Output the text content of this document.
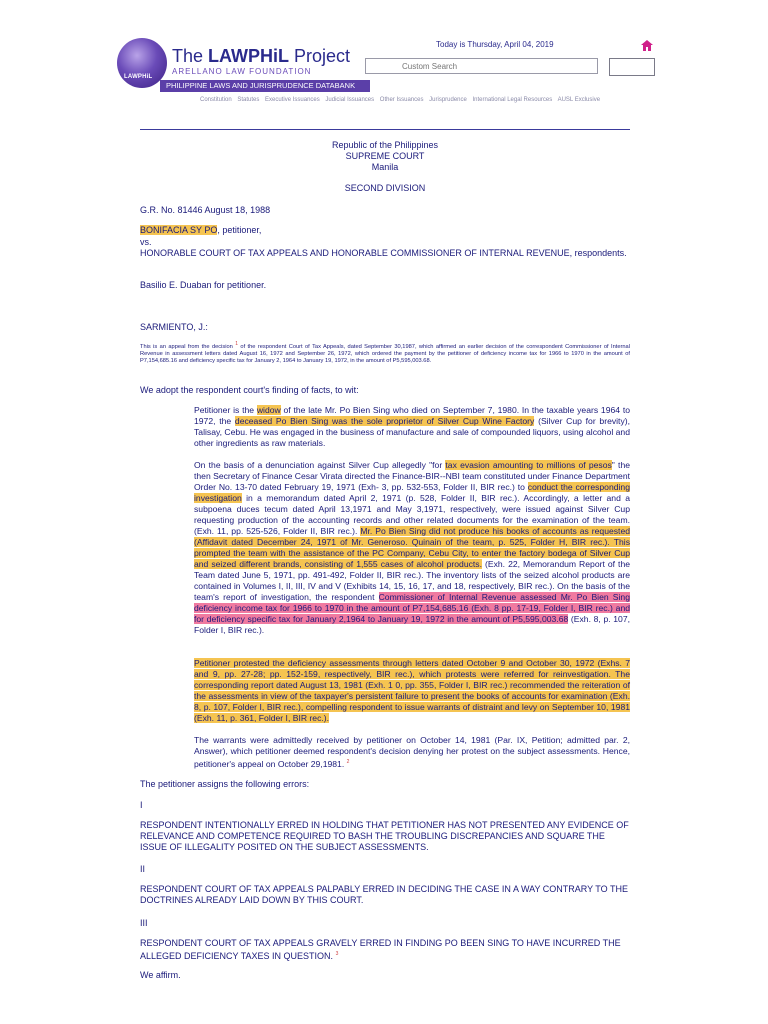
LAWPHiL
The LAWPHiL Project
ARELLANO LAW FOUNDATION
PHILIPPINE LAWS AND JURISPRUDENCE DATABANK
Today is Thursday, April 04, 2019
Custom Search
Constitution Statutes Executive Issuances Judicial Issuances Other Issuances Jurisprudence International Legal Resources AUSL Exclusive
Republic of the Philippines
SUPREME COURT
Manila
SECOND DIVISION
G.R. No. 81446 August 18, 1988
BONIFACIA SY PO, petitioner,
vs.
HONORABLE COURT OF TAX APPEALS AND HONORABLE COMMISSIONER OF INTERNAL REVENUE, respondents.
Basilio E. Duaban for petitioner.
SARMIENTO, J.:
This is an appeal from the decision $^1$ of the respondent Court of Tax Appeals, dated September 30,1987, which affirmed an earlier decision of the correspondent Commissioner of Internal Revenue in assessment letters dated August 16, 1972 and September 26, 1972, which ordered the payment by the petitioner of deficiency income tax for 1966 to 1970 in the amount of P7,154,685.16 and deficiency specific tax for January 2, 1964 to January 19, 1972, in the amount of P5,595,003.68.
We adopt the respondent court's finding of facts, to wit:
Petitioner is the widow of the late Mr. Po Bien Sing who died on September 7, 1980. In the taxable years 1964 to 1972, the deceased Po Bien Sing was the sole proprietor of Silver Cup Wine Factory (Silver Cup for brevity), Talisay, Cebu. He was engaged in the business of manufacture and sale of compounded liquors, using alcohol and other ingredients as raw materials.
On the basis of a denunciation against Silver Cup allegedly "for tax evasion amounting to millions of pesos" the then Secretary of Finance Cesar Virata directed the Finance-BIR--NBI team constituted under Finance Department Order No. 13-70 dated February 19, 1971 (Exh- 3, pp. 532-553, Folder II, BIR rec.) to conduct the corresponding investigation in a memorandum dated April 2, 1971 (p. 528, Folder II, BIR rec.). Accordingly, a letter and a subpoena duces tecum dated April 13,1971 and May 3,1971, respectively, were issued against Silver Cup requesting production of the accounting records and other related documents for the examination of the team. (Exh. 11, pp. 525-526, Folder II, BIR rec.). Mr. Po Bien Sing did not produce his books of accounts as requested (Affidavit dated December 24, 1971 of Mr. Generoso. Quinain of the team, p. 525, Folder H, BIR rec.). This prompted the team with the assistance of the PC Company, Cebu City, to enter the factory bodega of Silver Cup and seized different brands, consisting of 1,555 cases of alcohol products. (Exh. 22, Memorandum Report of the Team dated June 5, 1971, pp. 491-492, Folder II, BIR rec.). The inventory lists of the seized alcohol products are contained in Volumes I, II, III, IV and V (Exhibits 14, 15, 16, 17, and 18, respectively, BIR rec.). On the basis of the team's report of investigation, the respondent Commissioner of Internal Revenue assessed Mr. Po Bien Sing deficiency income tax for 1966 to 1970 in the amount of P7,154,685.16 (Exh. 8 pp. 17-19, Folder I, BIR rec.) and for deficiency specific tax for January 2,1964 to January 19, 1972 in the amount of P5,595,003.68 (Exh. 8, p. 107, Folder I, BIR rec.).
Petitioner protested the deficiency assessments through letters dated October 9 and October 30, 1972 (Exhs. 7 and 9, pp. 27-28; pp. 152-159, respectively, BIR rec.), which protests were referred for reinvestigation. The corresponding report dated August 13, 1981 (Exh. 1 0, pp. 355, Folder I, BIR rec.) recommended the reiteration of the assessments in view of the taxpayer's persistent failure to present the books of accounts for examination (Exh. 8, p. 107, Folder I, BIR rec.), compelling respondent to issue warrants of distraint and levy on September 10, 1981 (Exh. 11, p. 361, Folder I, BIR rec.).
The warrants were admittedly received by petitioner on October 14, 1981 (Par. IX, Petition; admitted par. 2, Answer), which petitioner deemed respondent's decision denying her protest on the subject assessments. Hence, petitioner's appeal on October 29,1981. $^2$
The petitioner assigns the following errors:
I
RESPONDENT INTENTIONALLY ERRED IN HOLDING THAT PETITIONER HAS NOT PRESENTED ANY EVIDENCE OF RELEVANCE AND COMPETENCE REQUIRED TO BASH THE TROUBLING DISCREPANCIES AND SQUARE THE ISSUE OF ILLEGALITY POSITED ON THE SUBJECT ASSESSMENTS.
II
RESPONDENT COURT OF TAX APPEALS PALPABLY ERRED IN DECIDING THE CASE IN A WAY CONTRARY TO THE DOCTRINES ALREADY LAID DOWN BY THIS COURT.
III
RESPONDENT COURT OF TAX APPEALS GRAVELY ERRED IN FINDING PO BEEN SING TO HAVE INCURRED THE ALLEGED DEFICIENCY TAXES IN QUESTION. $^3$
We affirm.
